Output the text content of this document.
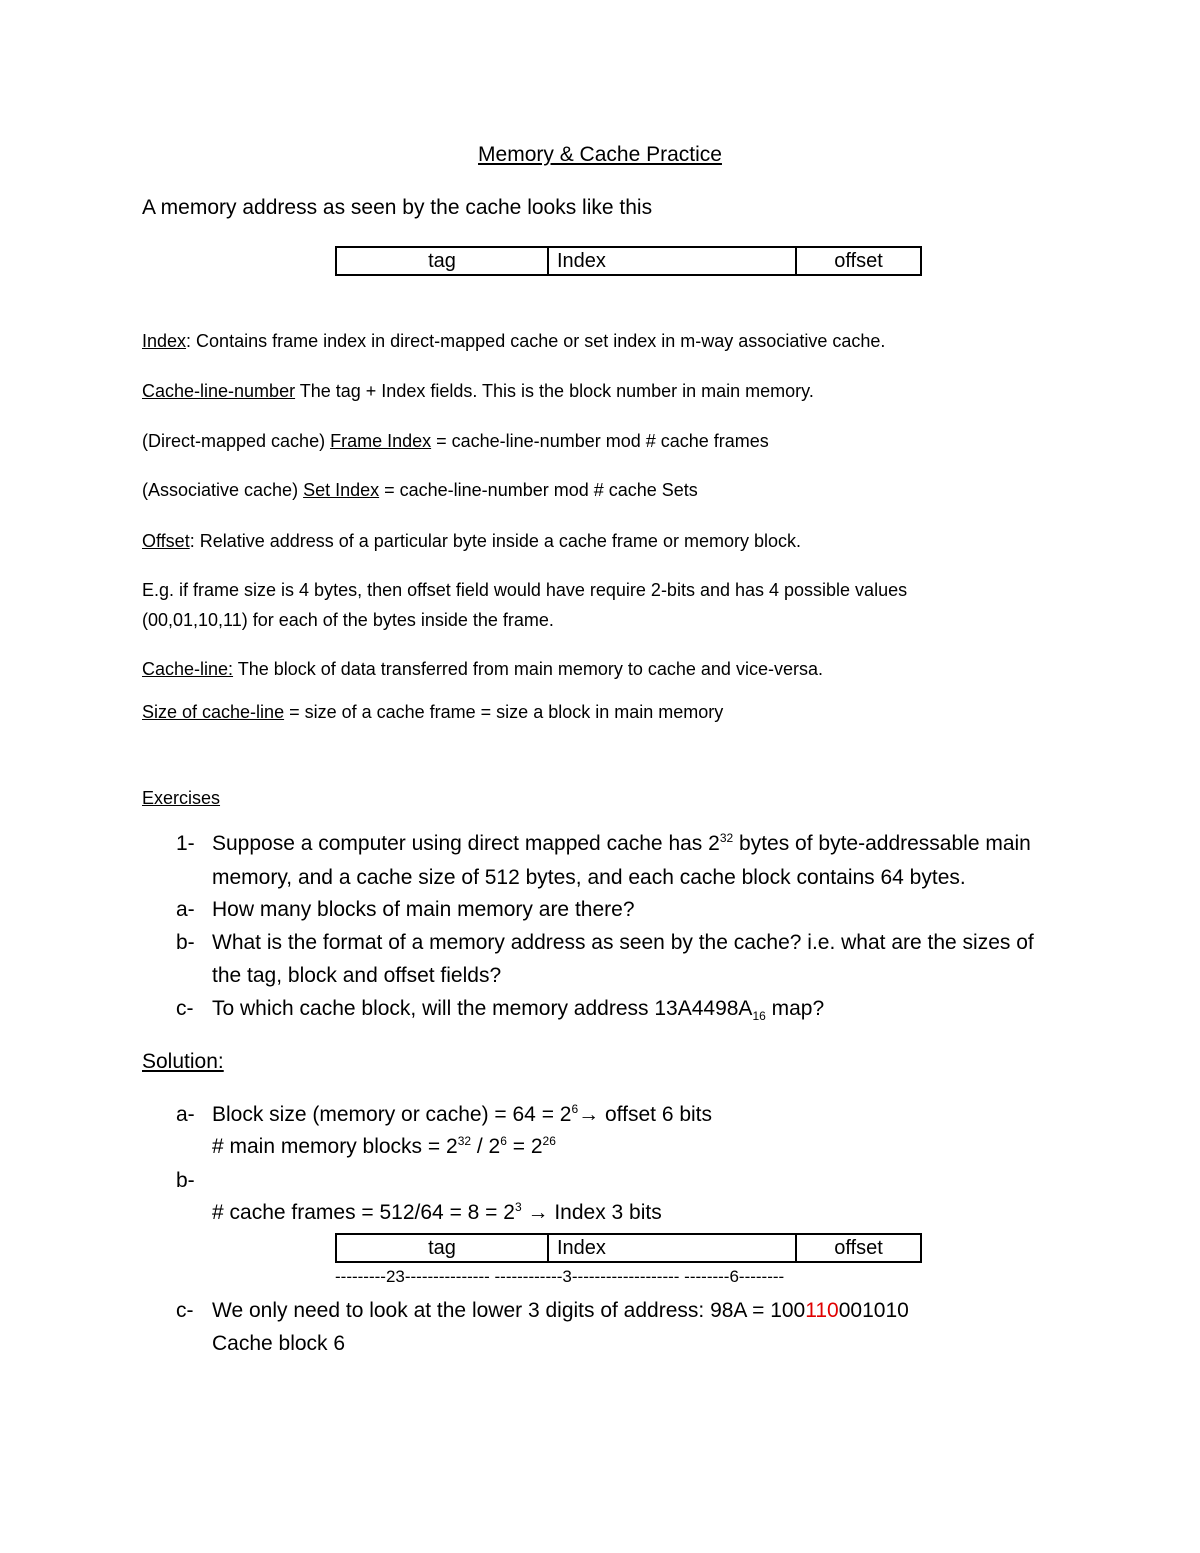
Memory & Cache Practice
A memory address as seen by the cache looks like this
tag	Index	offset
Index: Contains frame index in direct-mapped cache or set index in m-way associative cache.
Cache-line-number The tag + Index fields. This is the block number in main memory.
(Direct-mapped cache) Frame Index = cache-line-number mod # cache frames
(Associative cache) Set Index = cache-line-number mod # cache Sets
Offset: Relative address of a particular byte inside a cache frame or memory block.
E.g. if frame size is 4 bytes, then offset field would have require 2-bits and has 4 possible values
(00,01,10,11) for each of the bytes inside the frame.
Cache-line: The block of data transferred from main memory to cache and vice-versa.
Size of cache-line = size of a cache frame = size a block in main memory
Exercises
1- Suppose a computer using direct mapped cache has $2^{32}$ bytes of byte-addressable main
memory, and a cache size of 512 bytes, and each cache block contains 64 bytes.
a- How many blocks of main memory are there?
b- What is the format of a memory address as seen by the cache? i.e. what are the sizes of
the tag, block and offset fields?
c- To which cache block, will the memory address $13A4498A_{16}$ map?
Solution:
a- Block size (memory or cache) = $64 = 2^6\to$ offset 6 bits
# main memory blocks = $2^{32} / 2^6 = 2^{26}$
b-
# cache frames = $512/64 = 8 = 2^3$ → Index 3 bits
tag	Index	offset
---------23--------------- ------------3------------------- --------6--------
c- We only need to look at the lower 3 digits of address: 98A = 100110001010
Cache block 6
